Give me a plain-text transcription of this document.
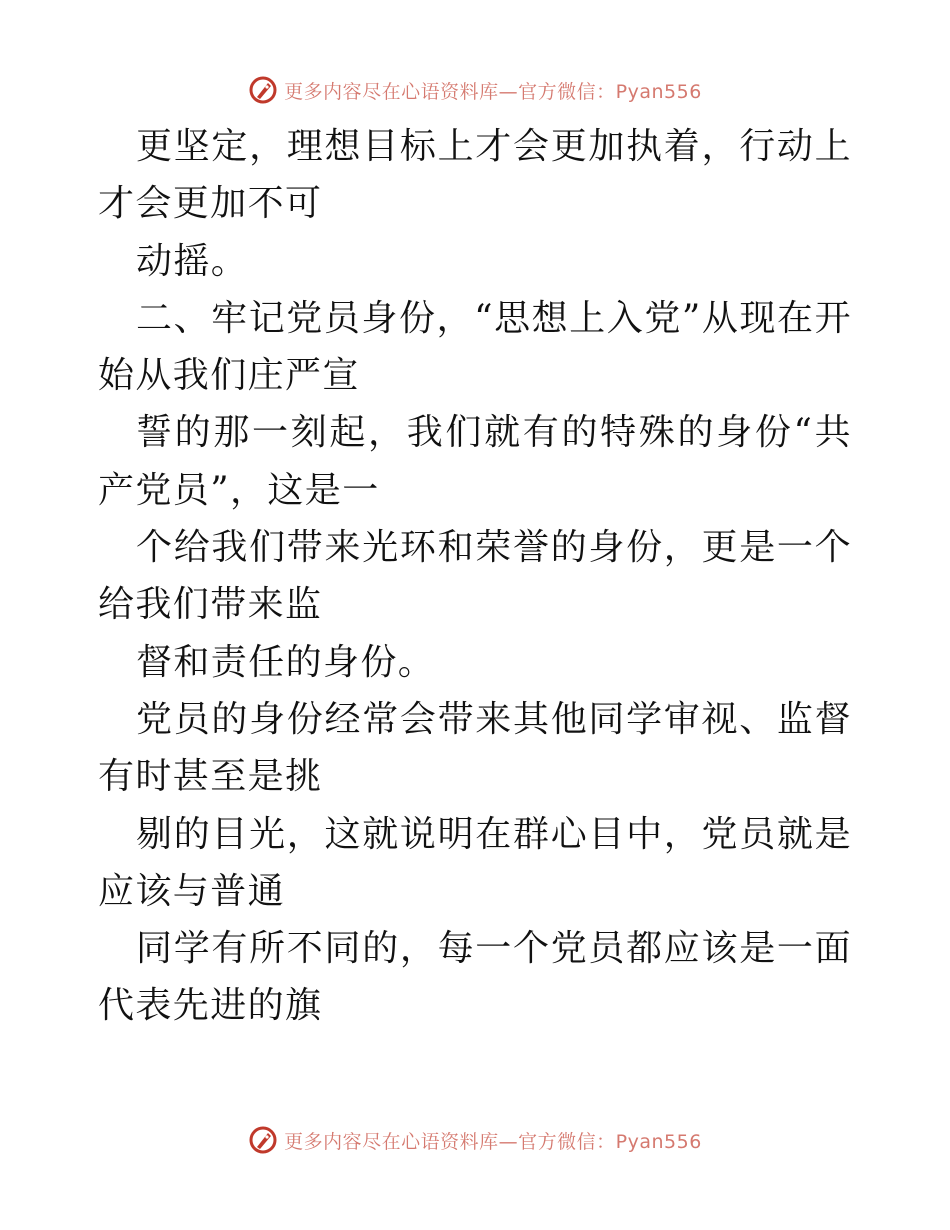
更多内容尽在心语资料库—官方微信：Pyan556

更坚定，理想目标上才会更加执着，行动上才会更加不可

动摇。

二、牢记党员身份，“思想上入党”从现在开始从我们庄严宣

誓的那一刻起，我们就有的特殊的身份“共产党员”，这是一

个给我们带来光环和荣誉的身份，更是一个给我们带来监

督和责任的身份。

党员的身份经常会带来其他同学审视、监督有时甚至是挑

剔的目光，这就说明在群心目中，党员就是应该与普通

同学有所不同的，每一个党员都应该是一面代表先进的旗

更多内容尽在心语资料库—官方微信：Pyan556
